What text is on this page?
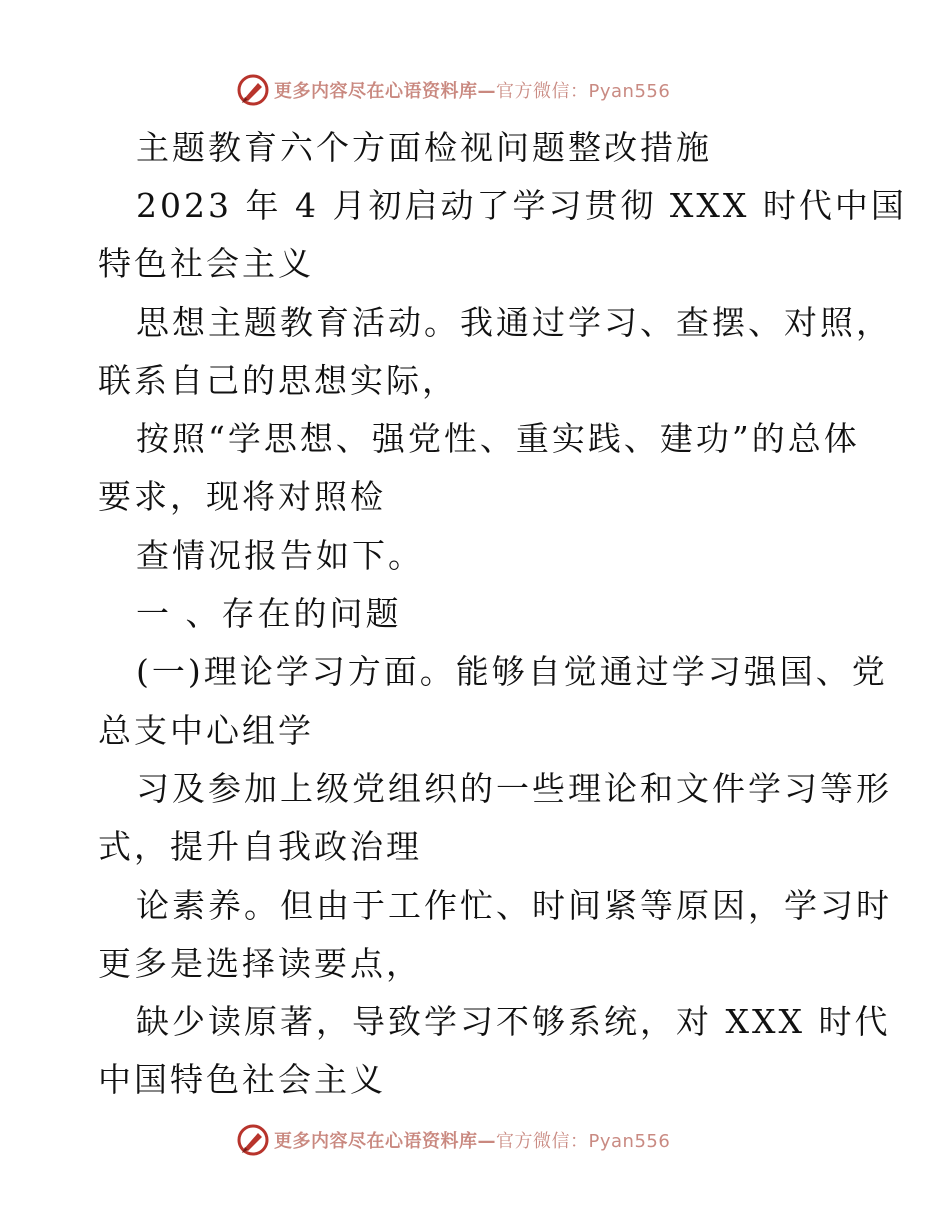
更多内容尽在心语资料库—官方微信：Pyan556
主题教育六个方面检视问题整改措施
2023 年 4 月初启动了学习贯彻 XXX 时代中国
特色社会主义
思想主题教育活动。我通过学习、查摆、对照，
联系自己的思想实际，
按照“学思想、强党性、重实践、建功”的总体
要求，现将对照检
查情况报告如下。
一 、存在的问题
(一)理论学习方面。能够自觉通过学习强国、党
总支中心组学
习及参加上级党组织的一些理论和文件学习等形
式，提升自我政治理
论素养。但由于工作忙、时间紧等原因，学习时
更多是选择读要点，
缺少读原著，导致学习不够系统，对 XXX 时代
中国特色社会主义
更多内容尽在心语资料库—官方微信：Pyan556
